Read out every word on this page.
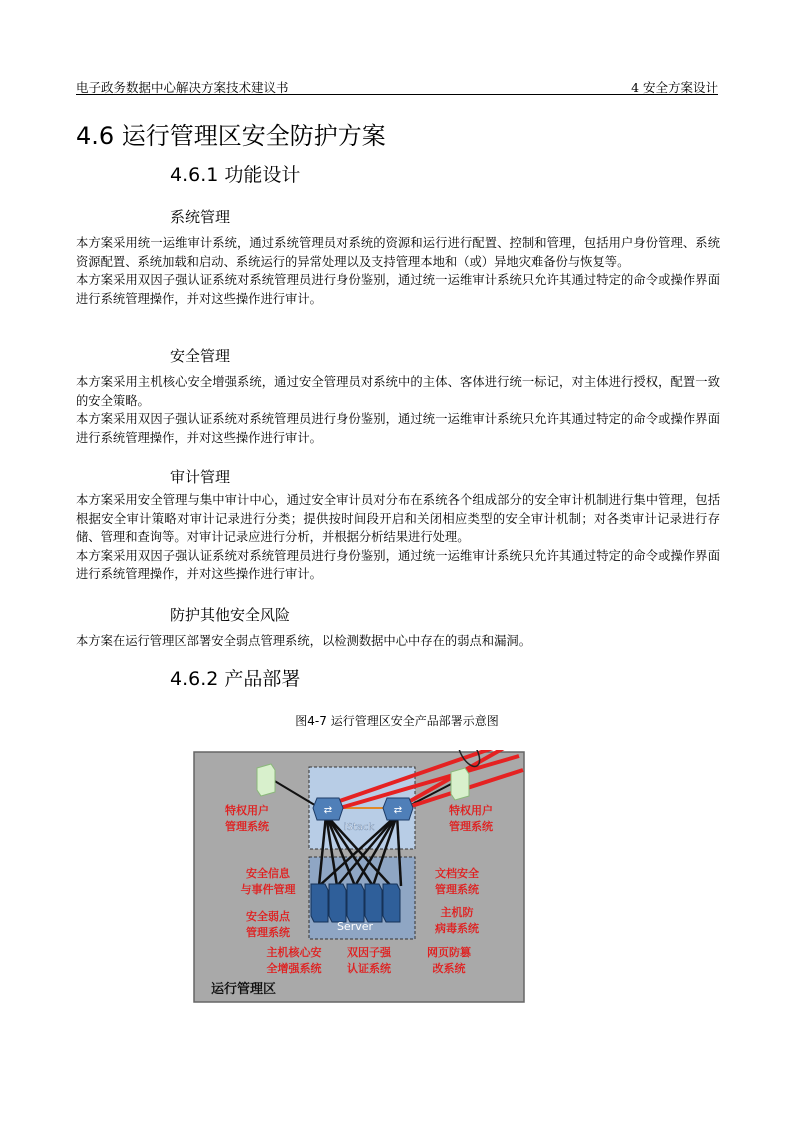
电子政务数据中心解决方案技术建议书	4 安全方案设计
4.6 运行管理区安全防护方案
4.6.1 功能设计
系统管理

本方案采用统一运维审计系统，通过系统管理员对系统的资源和运行进行配置、控制和管理，包括用户身份管理、系统资源配置、系统加载和启动、系统运行的异常处理以及支持管理本地和（或）异地灾难备份与恢复等。

本方案采用双因子强认证系统对系统管理员进行身份鉴别，通过统一运维审计系统只允许其通过特定的命令或操作界面进行系统管理操作，并对这些操作进行审计。

安全管理

本方案采用主机核心安全增强系统，通过安全管理员对系统中的主体、客体进行统一标记，对主体进行授权，配置一致的安全策略。

本方案采用双因子强认证系统对系统管理员进行身份鉴别，通过统一运维审计系统只允许其通过特定的命令或操作界面进行系统管理操作，并对这些操作进行审计。

审计管理

本方案采用安全管理与集中审计中心，通过安全审计员对分布在系统各个组成部分的安全审计机制进行集中管理，包括根据安全审计策略对审计记录进行分类；提供按时间段开启和关闭相应类型的安全审计机制；对各类审计记录进行存储、管理和查询等。对审计记录应进行分析，并根据分析结果进行处理。

本方案采用双因子强认证系统对系统管理员进行身份鉴别，通过统一运维审计系统只允许其通过特定的命令或操作界面进行系统管理操作，并对这些操作进行审计。

防护其他安全风险

本方案在运行管理区部署安全弱点管理系统，以检测数据中心中存在的弱点和漏洞。

4.6.2 产品部署
图4-7 运行管理区安全产品部署示意图
⇄	⇄
iStack
Server
特权用户
管理系统
特权用户
管理系统
安全信息
与事件管理
安全弱点
管理系统
文档安全
管理系统
主机防
病毒系统
主机核心安
全增强系统
双因子强
认证系统
网页防篡
改系统
运行管理区
